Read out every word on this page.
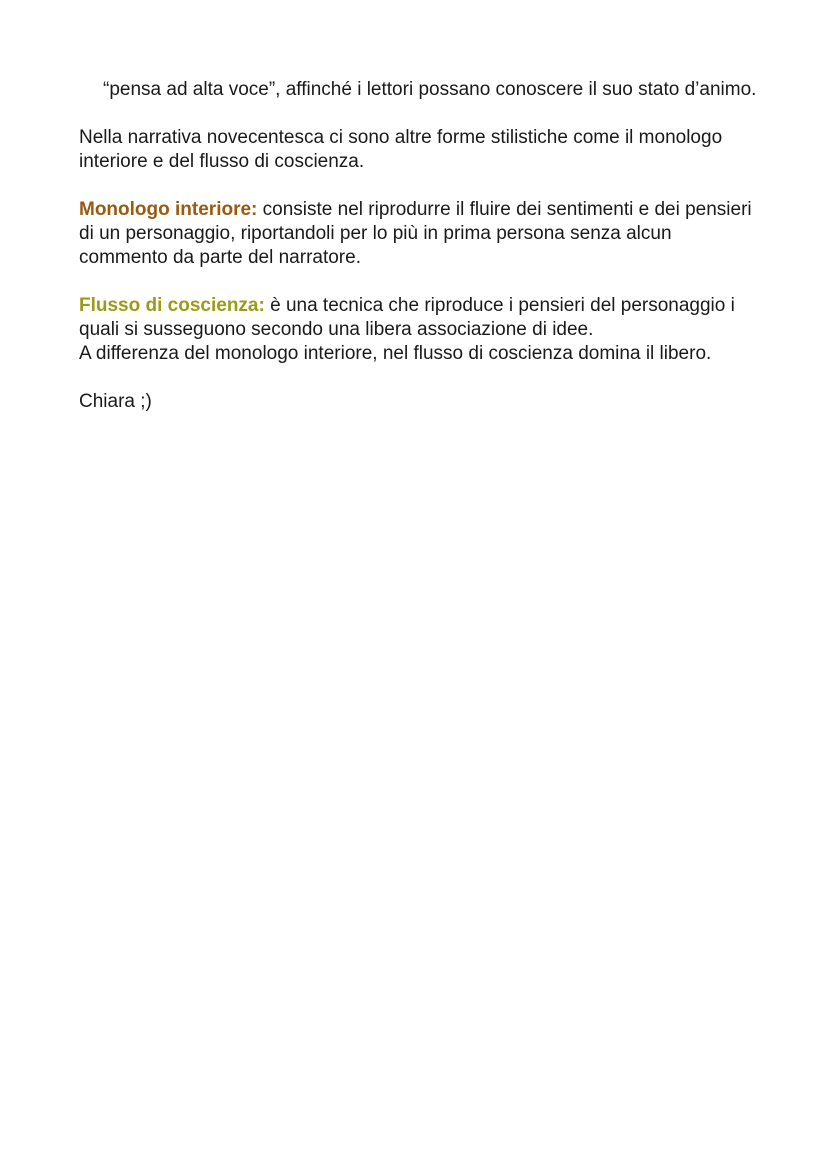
“pensa ad alta voce”, affinché i lettori possano conoscere il suo stato d’animo.

Nella narrativa novecentesca ci sono altre forme stilistiche come il monologo interiore e del flusso di coscienza.

Monologo interiore: consiste nel riprodurre il fluire dei sentimenti e dei pensieri di un personaggio, riportandoli per lo più in prima persona senza alcun commento da parte del narratore.

Flusso di coscienza: è una tecnica che riproduce i pensieri del personaggio i quali si susseguono secondo una libera associazione di idee.

A differenza del monologo interiore, nel flusso di coscienza domina il libero.

Chiara ;)
